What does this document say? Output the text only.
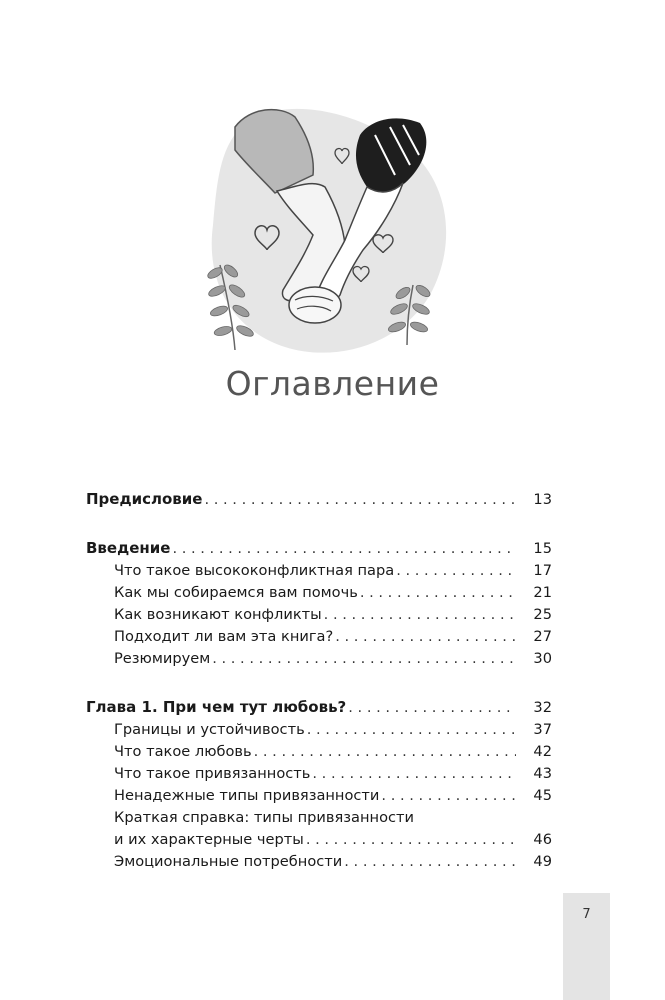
Оглавление
Предисловие . . .	13
Введение . . .	15
Что такое высококонфликтная пара . . .	17
Как мы собираемся вам помочь . . .	21
Как возникают конфликты . . .	25
Подходит ли вам эта книга? . . .	27
Резюмируем . . .	30
Глава 1. При чем тут любовь? . . .	32
Границы и устойчивость . . .	37
Что такое любовь . . .	42
Что такое привязанность . . .	43
Ненадежные типы привязанности . . .	45
Краткая справка: типы привязанности
и их характерные черты . . .	46
Эмоциональные потребности . . .	49
7
